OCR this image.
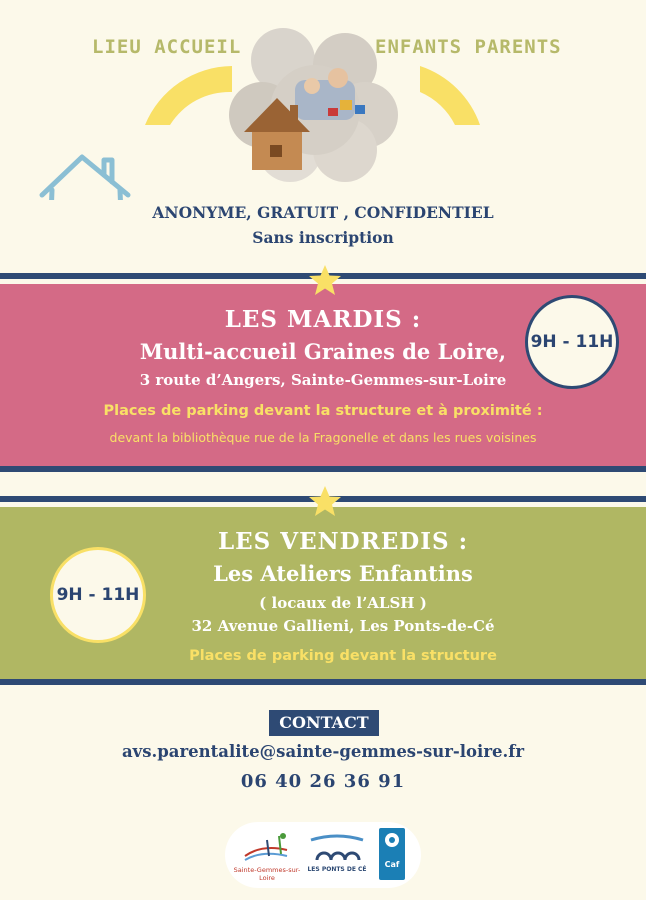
LIEU ACCUEIL	ENFANTS PARENTS
ANONYME, GRATUIT , CONFIDENTIEL
Sans inscription
LES MARDIS :
Multi-accueil Graines de Loire,
3 route d’Angers, Sainte-Gemmes-sur-Loire
Places de parking devant la structure et à proximité :
devant la bibliothèque rue de la Fragonelle et dans les rues voisines
9H - 11H
LES VENDREDIS :
Les Ateliers Enfantins
( locaux de l’ALSH )
32 Avenue Gallieni, Les Ponts-de-Cé
Places de parking devant la structure
9H - 11H
CONTACT
avs.parentalite@sainte-gemmes-sur-loire.fr
06 40 26 36 91
Sainte-Gemmes-sur-Loire
LES PONTS DE CÉ
Caf
